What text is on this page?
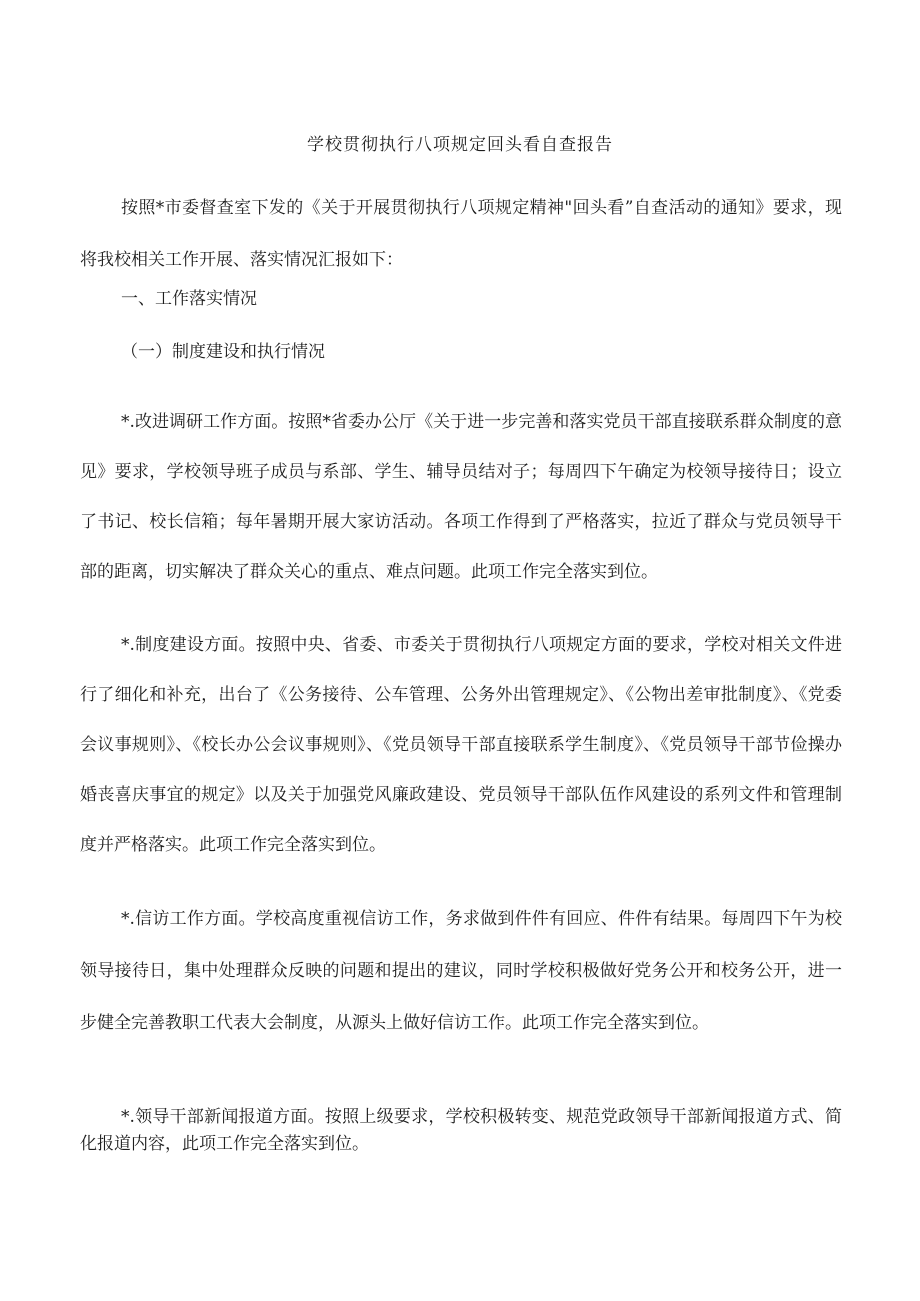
学校贯彻执行八项规定回头看自查报告
按照*市委督查室下发的《关于开展贯彻执行八项规定精神"回头看”自查活动的通知》要求，现将我校相关工作开展、落实情况汇报如下：
一、工作落实情况
（一）制度建设和执行情况
*.改进调研工作方面。按照*省委办公厅《关于进一步完善和落实党员干部直接联系群众制度的意见》要求，学校领导班子成员与系部、学生、辅导员结对子；每周四下午确定为校领导接待日；设立了书记、校长信箱；每年暑期开展大家访活动。各项工作得到了严格落实，拉近了群众与党员领导干部的距离，切实解决了群众关心的重点、难点问题。此项工作完全落实到位。
*.制度建设方面。按照中央、省委、市委关于贯彻执行八项规定方面的要求，学校对相关文件进行了细化和补充，出台了《公务接待、公车管理、公务外出管理规定》、《公物出差审批制度》、《党委会议事规则》、《校长办公会议事规则》、《党员领导干部直接联系学生制度》、《党员领导干部节俭操办婚丧喜庆事宜的规定》以及关于加强党风廉政建设、党员领导干部队伍作风建设的系列文件和管理制度并严格落实。此项工作完全落实到位。
*.信访工作方面。学校高度重视信访工作，务求做到件件有回应、件件有结果。每周四下午为校领导接待日，集中处理群众反映的问题和提出的建议，同时学校积极做好党务公开和校务公开，进一步健全完善教职工代表大会制度，从源头上做好信访工作。此项工作完全落实到位。
*.领导干部新闻报道方面。按照上级要求，学校积极转变、规范党政领导干部新闻报道方式、简化报道内容，此项工作完全落实到位。
